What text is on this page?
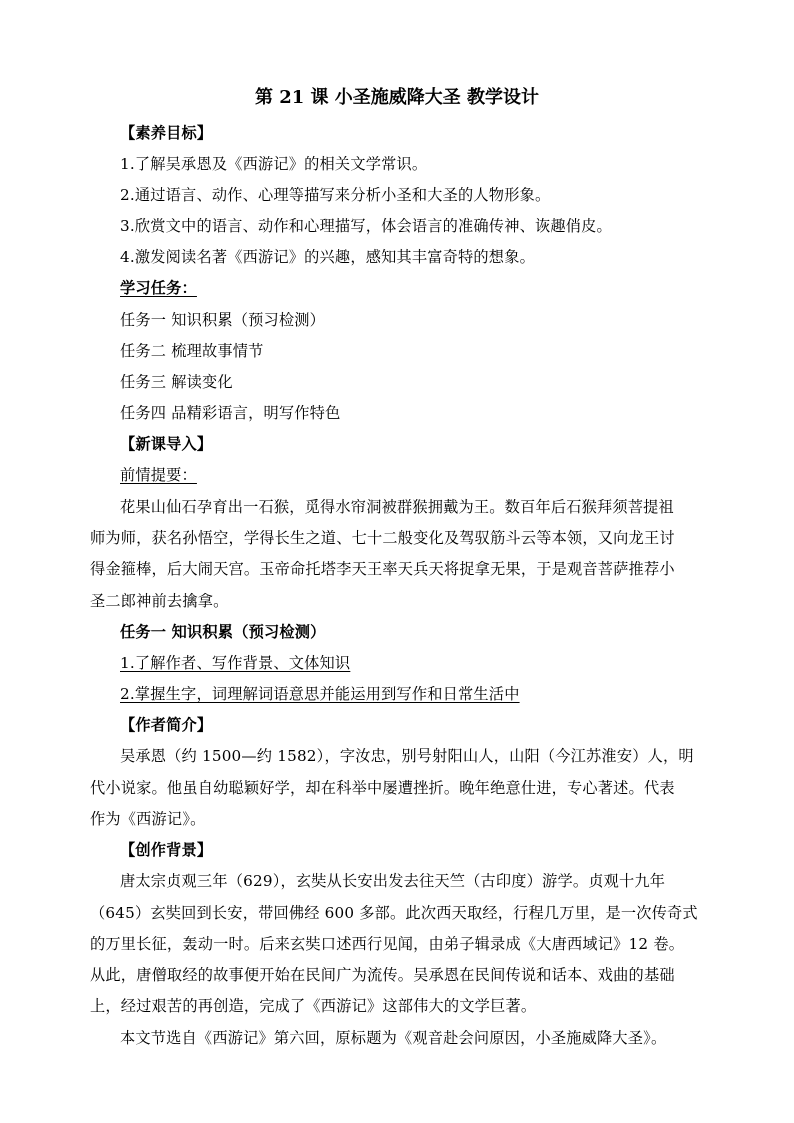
第 21 课 小圣施威降大圣 教学设计
【素养目标】
1.了解吴承恩及《西游记》的相关文学常识。
2.通过语言、动作、心理等描写来分析小圣和大圣的人物形象。
3.欣赏文中的语言、动作和心理描写，体会语言的准确传神、诙趣俏皮。
4.激发阅读名著《西游记》的兴趣，感知其丰富奇特的想象。
学习任务：
任务一 知识积累（预习检测）
任务二 梳理故事情节
任务三 解读变化
任务四 品精彩语言，明写作特色
【新课导入】
前情提要：
花果山仙石孕育出一石猴，觅得水帘洞被群猴拥戴为王。数百年后石猴拜须菩提祖
师为师，获名孙悟空，学得长生之道、七十二般变化及驾驭筋斗云等本领，又向龙王讨
得金箍棒，后大闹天宫。玉帝命托塔李天王率天兵天将捉拿无果，于是观音菩萨推荐小
圣二郎神前去擒拿。
任务一 知识积累（预习检测）
1.了解作者、写作背景、文体知识
2.掌握生字，词理解词语意思并能运用到写作和日常生活中
【作者简介】
吴承恩（约 1500—约 1582），字汝忠，别号射阳山人，山阳（今江苏淮安）人，明
代小说家。他虽自幼聪颖好学，却在科举中屡遭挫折。晚年绝意仕进，专心著述。代表
作为《西游记》。
【创作背景】
唐太宗贞观三年（629），玄奘从长安出发去往天竺（古印度）游学。贞观十九年
（645）玄奘回到长安，带回佛经 600 多部。此次西天取经，行程几万里，是一次传奇式
的万里长征，轰动一时。后来玄奘口述西行见闻，由弟子辑录成《大唐西域记》12 卷。
从此，唐僧取经的故事便开始在民间广为流传。吴承恩在民间传说和话本、戏曲的基础
上，经过艰苦的再创造，完成了《西游记》这部伟大的文学巨著。
本文节选自《西游记》第六回，原标题为《观音赴会问原因，小圣施威降大圣》。
